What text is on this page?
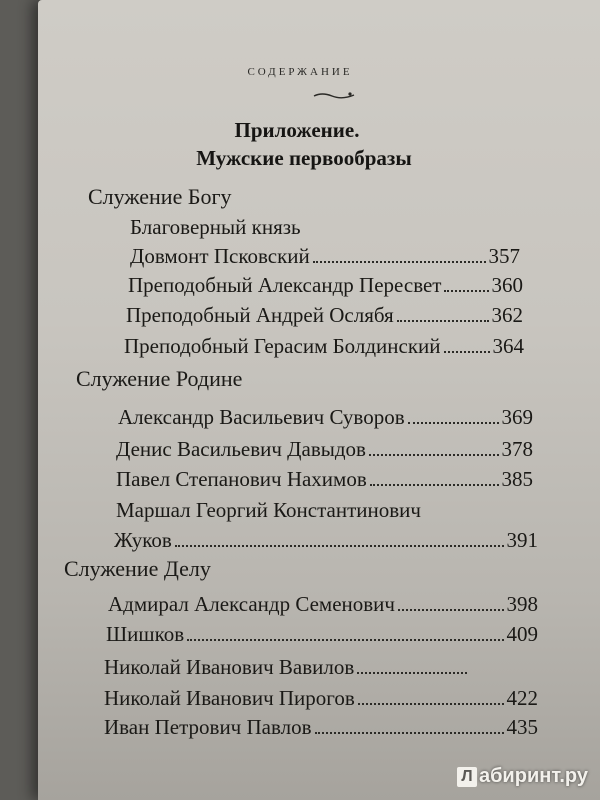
СОДЕРЖАНИЕ
Приложение.
Мужские первообразы
Служение Богу
Благоверный князь
Довмонт Псковский	357
Преподобный Александр Пересвет 360
Преподобный Андрей Ослябя	362
Преподобный Герасим Болдинский 364
Служение Родине
Александр Васильевич Суворов	369
Денис Васильевич Давыдов	378
Павел Степанович Нахимов	385
Маршал Георгий Константинович
Жуков	391
Служение Делу
Адмирал Александр Семенович	398
Шишков	409
Николай Иванович Вавилов
Николай Иванович Пирогов	422
Иван Петрович Павлов	435
Л абиринт.ру
